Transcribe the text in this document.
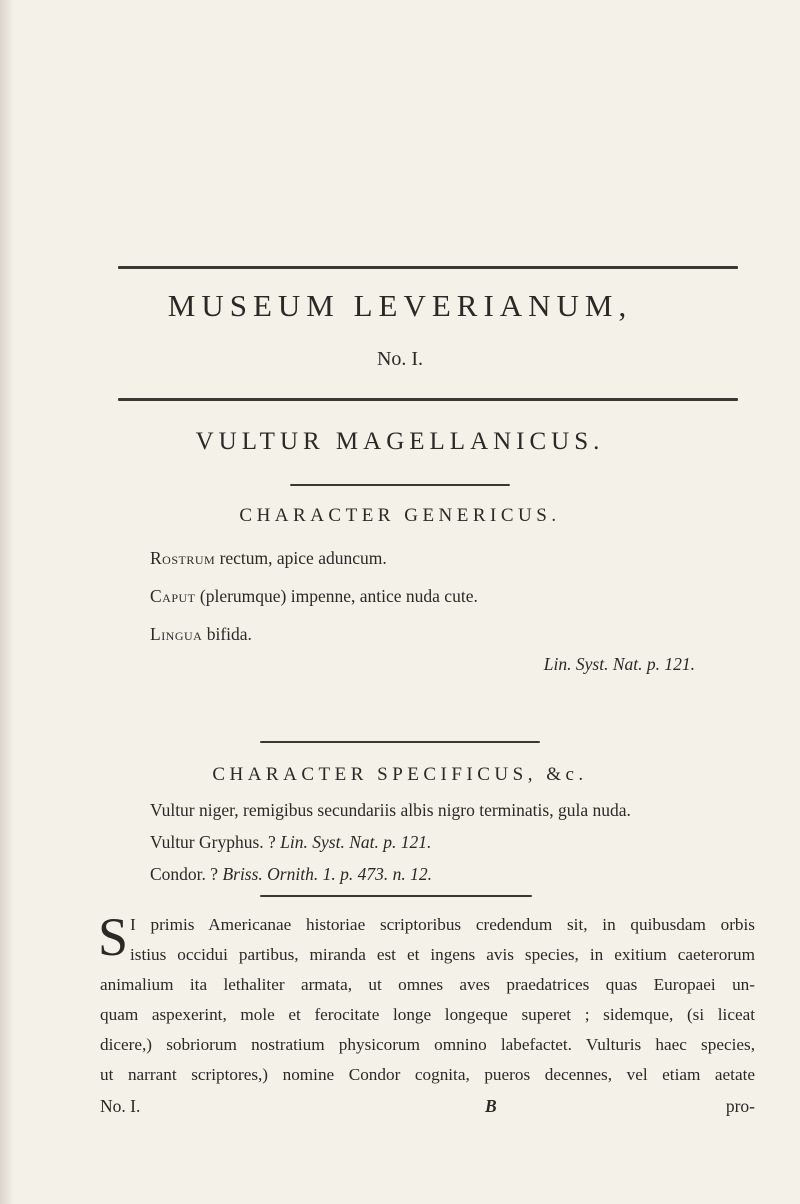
MUSEUM LEVERIANUM,
No. I.
VULTUR MAGELLANICUS.
CHARACTER GENERICUS.
Rostrum rectum, apice aduncum.
Caput (plerumque) impenne, antice nuda cute.
Lingua bifida.
Lin. Syst. Nat. p. 121.
CHARACTER SPECIFICUS, &c.
Vultur niger, remigibus secundariis albis nigro terminatis, gula nuda.
Vultur Gryphus. ? Lin. Syst. Nat. p. 121.
Condor. ? Briss. Ornith. 1. p. 473. n. 12.
S I primis Americanae historiae scriptoribus credendum sit, in quibusdam orbis
istius occidui partibus, miranda est et ingens avis species, in exitium caeterorum
animalium ita lethaliter armata, ut omnes aves praedatrices quas Europaei un-
quam aspexerint, mole et ferocitate longe longeque superet ; sidemque, (si liceat
dicere,) sobriorum nostratium physicorum omnino labefactet. Vulturis haec species,
ut narrant scriptores,) nomine Condor cognita, pueros decennes, vel etiam aetate
No. I.	B	pro-
